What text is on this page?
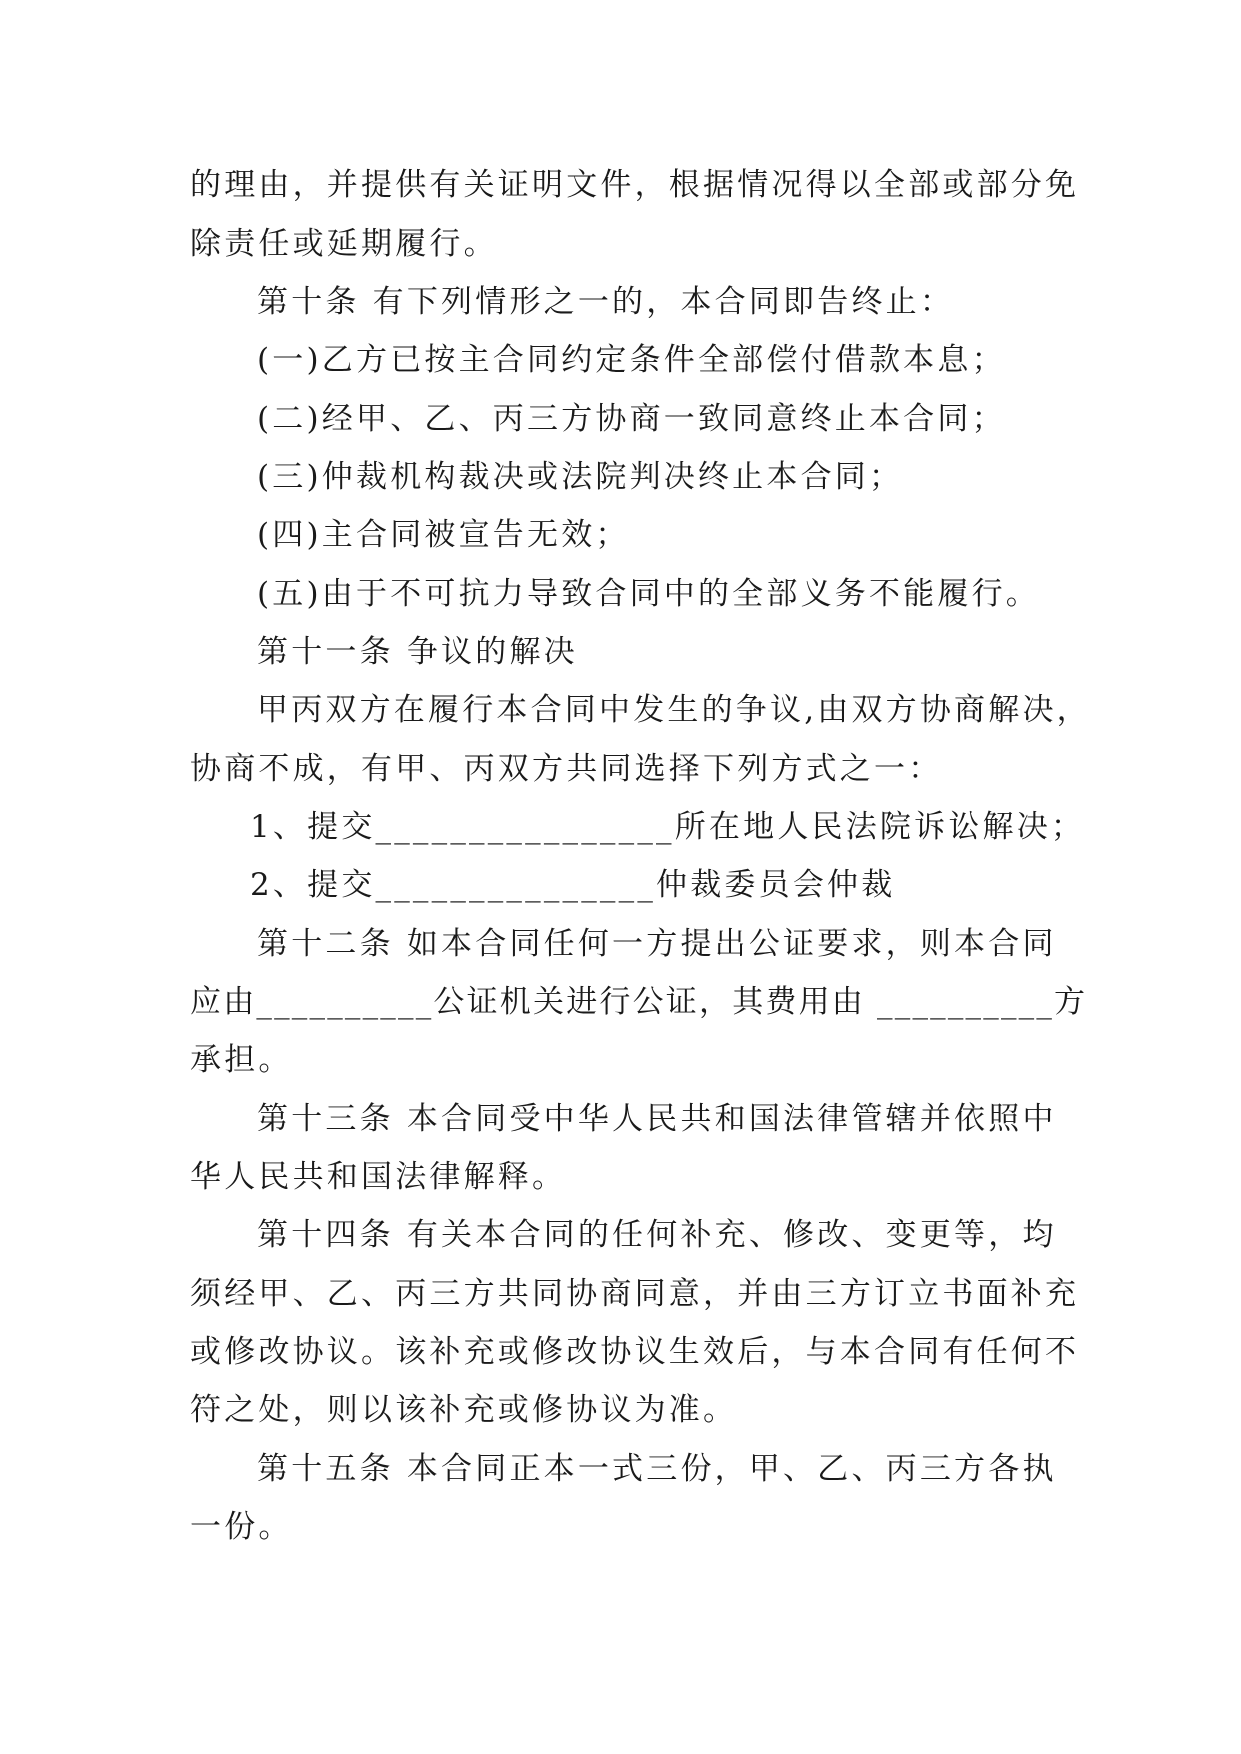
的理由，并提供有关证明文件，根据情况得以全部或部分免
除责任或延期履行。
第十条 有下列情形之一的，本合同即告终止：
(一)乙方已按主合同约定条件全部偿付借款本息；
(二)经甲、乙、丙三方协商一致同意终止本合同；
(三)仲裁机构裁决或法院判决终止本合同；
(四)主合同被宣告无效；
(五)由于不可抗力导致合同中的全部义务不能履行。
第十一条 争议的解决
甲丙双方在履行本合同中发生的争议,由双方协商解决，
协商不成，有甲、丙双方共同选择下列方式之一：
1、提交________________所在地人民法院诉讼解决；
2、提交_______________仲裁委员会仲裁
第十二条 如本合同任何一方提出公证要求，则本合同
应由__________公证机关进行公证，其费用由 __________方
承担。
第十三条 本合同受中华人民共和国法律管辖并依照中
华人民共和国法律解释。
第十四条 有关本合同的任何补充、修改、变更等，均
须经甲、乙、丙三方共同协商同意，并由三方订立书面补充
或修改协议。该补充或修改协议生效后，与本合同有任何不
符之处，则以该补充或修协议为准。
第十五条 本合同正本一式三份，甲、乙、丙三方各执
一份。
